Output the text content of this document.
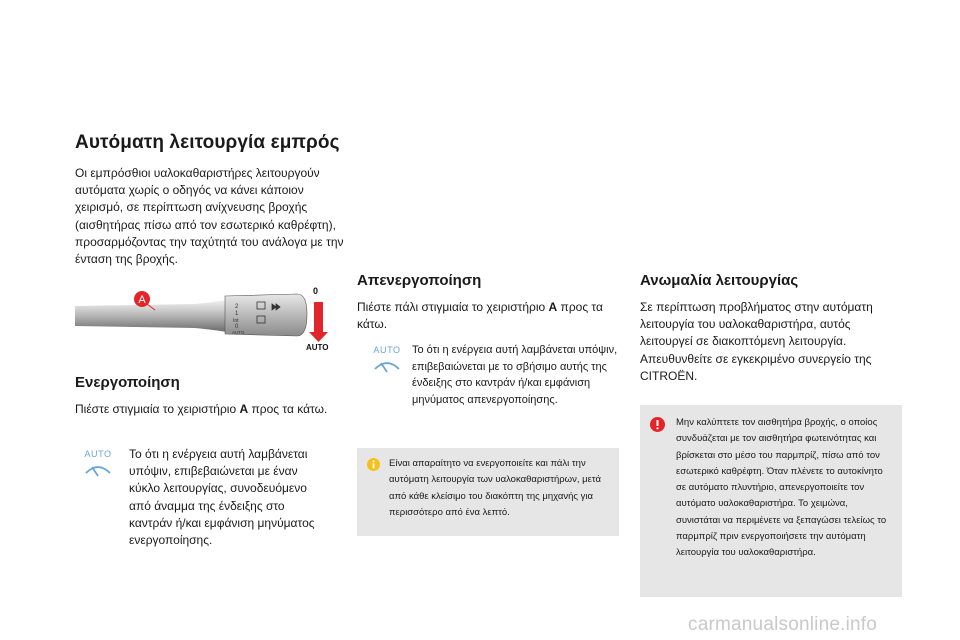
Αυτόματη λειτουργία εμπρός

Οι εμπρόσθιοι υαλοκαθαριστήρες λειτουργούν αυτόματα χωρίς ο οδηγός να κάνει κάποιον χειρισμό, σε περίπτωση ανίχνευσης βροχής (αισθητήρας πίσω από τον εσωτερικό καθρέφτη), προσαρμόζοντας την ταχύτητά του ανάλογα με την ένταση της βροχής.

2
1
Int
0
AUTO
A
0
AUTO
Ενεργοποίηση

Πιέστε στιγμιαία το χειριστήριο A προς τα κάτω.

AUTO	Το ότι η ενέργεια αυτή λαμβάνεται υπόψιν, επιβεβαιώνεται με έναν κύκλο λειτουργίας, συνοδευόμενο από άναμμα της ένδειξης στο καντράν ή/και εμφάνιση μηνύματος ενεργοποίησης.

Απενεργοποίηση

Πιέστε πάλι στιγμιαία το χειριστήριο A προς τα κάτω.

AUTO Το ότι η ενέργεια αυτή λαμβάνεται υπόψιν, επιβεβαιώνεται με το σβήσιμο αυτής της ένδειξης στο καντράν ή/και εμφάνιση μηνύματος απενεργοποίησης.

Είναι απαραίτητο να ενεργοποιείτε και πάλι την αυτόματη λειτουργία των υαλοκαθαριστήρων, μετά από κάθε κλείσιμο του διακόπτη της μηχανής για περισσότερο από ένα λεπτό.

Ανωμαλία λειτουργίας

Σε περίπτωση προβλήματος στην αυτόματη λειτουργία του υαλοκαθαριστήρα, αυτός λειτουργεί σε διακοπτόμενη λειτουργία. Απευθυνθείτε σε εγκεκριμένο συνεργείο της CITROËN.

Μην καλύπτετε τον αισθητήρα βροχής, ο οποίος συνδυάζεται με τον αισθητήρα φωτεινότητας και βρίσκεται στο μέσο του παρμπρίζ, πίσω από τον εσωτερικό καθρέφτη. Όταν πλένετε το αυτοκίνητο σε αυτόματο πλυντήριο, απενεργοποιείτε τον αυτόματο υαλοκαθαριστήρα. Το χειμώνα, συνιστάται να περιμένετε να ξεπαγώσει τελείως το παρμπρίζ πριν ενεργοποιήσετε την αυτόματη λειτουργία του υαλοκαθαριστήρα.

carmanualsonline.info
